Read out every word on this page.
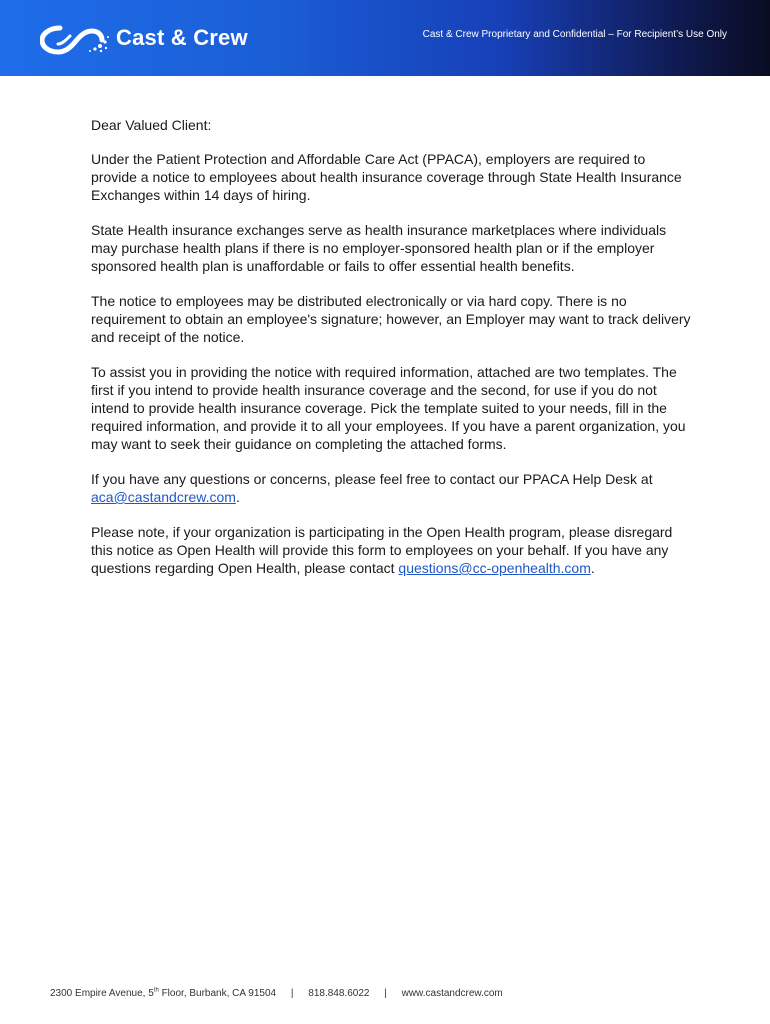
Cast & Crew	Cast & Crew Proprietary and Confidential – For Recipient’s Use Only

Dear Valued Client:

Under the Patient Protection and Affordable Care Act (PPACA), employers are required to provide a notice to employees about health insurance coverage through State Health Insurance Exchanges within 14 days of hiring.

State Health insurance exchanges serve as health insurance marketplaces where individuals may purchase health plans if there is no employer-sponsored health plan or if the employer sponsored health plan is unaffordable or fails to offer essential health benefits.

The notice to employees may be distributed electronically or via hard copy. There is no requirement to obtain an employee's signature; however, an Employer may want to track delivery and receipt of the notice.

To assist you in providing the notice with required information, attached are two templates. The first if you intend to provide health insurance coverage and the second, for use if you do not intend to provide health insurance coverage. Pick the template suited to your needs, fill in the required information, and provide it to all your employees. If you have a parent organization, you may want to seek their guidance on completing the attached forms.

If you have any questions or concerns, please feel free to contact our PPACA Help Desk at aca@castandcrew.com.

Please note, if your organization is participating in the Open Health program, please disregard this notice as Open Health will provide this form to employees on your behalf. If you have any questions regarding Open Health, please contact questions@cc-openhealth.com.

2300 Empire Avenue, 5th Floor, Burbank, CA 91504 | 818.848.6022 | www.castandcrew.com
